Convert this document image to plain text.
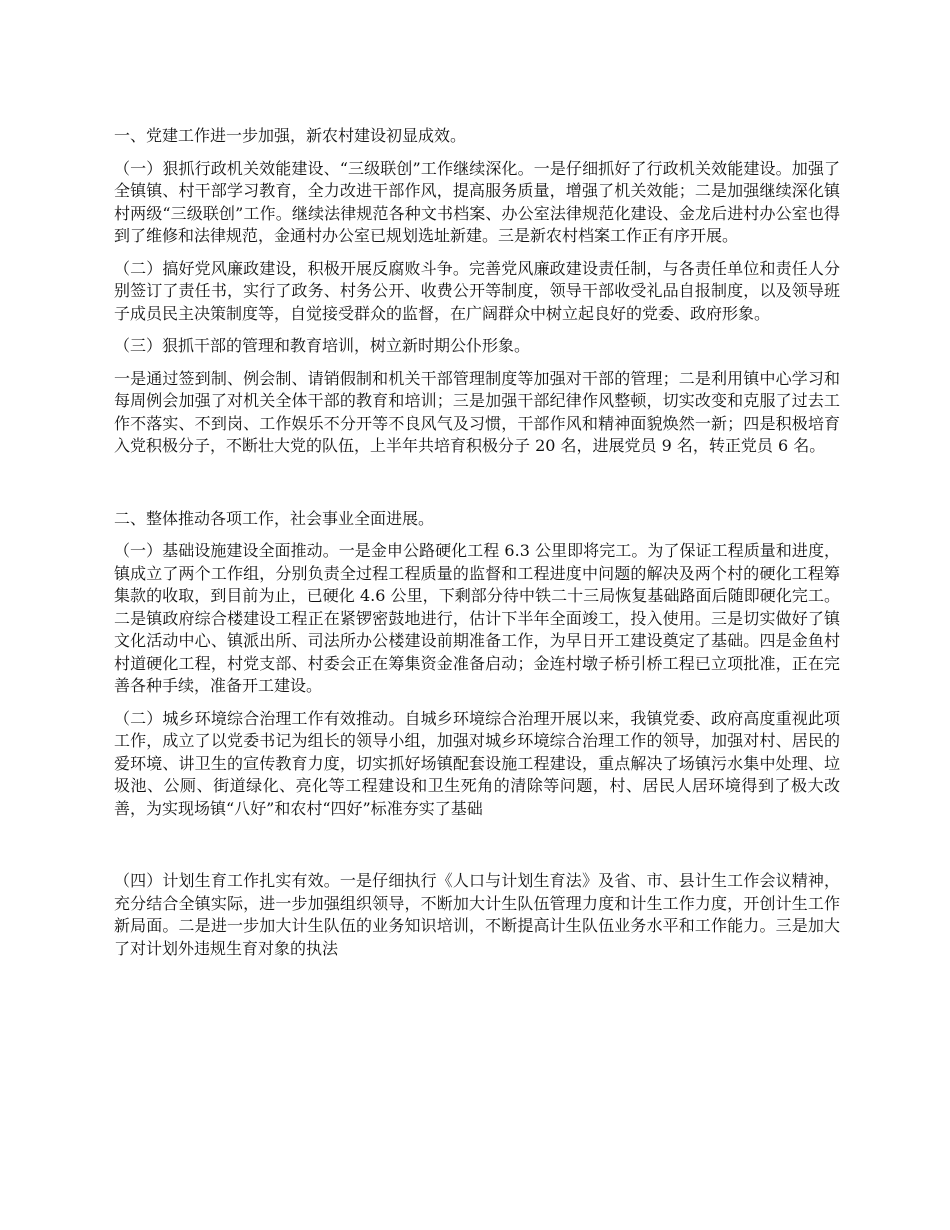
一、党建工作进一步加强，新农村建设初显成效。

（一）狠抓行政机关效能建设、“三级联创”工作继续深化。一是仔细抓好了行政机关效能建设。加强了全镇镇、村干部学习教育，全力改进干部作风，提高服务质量，增强了机关效能；二是加强继续深化镇村两级“三级联创”工作。继续法律规范各种文书档案、办公室法律规范化建设、金龙后进村办公室也得到了维修和法律规范，金通村办公室已规划选址新建。三是新农村档案工作正有序开展。

（二）搞好党风廉政建设，积极开展反腐败斗争。完善党风廉政建设责任制，与各责任单位和责任人分别签订了责任书，实行了政务、村务公开、收费公开等制度，领导干部收受礼品自报制度，以及领导班子成员民主决策制度等，自觉接受群众的监督，在广阔群众中树立起良好的党委、政府形象。

（三）狠抓干部的管理和教育培训，树立新时期公仆形象。

一是通过签到制、例会制、请销假制和机关干部管理制度等加强对干部的管理；二是利用镇中心学习和每周例会加强了对机关全体干部的教育和培训；三是加强干部纪律作风整顿，切实改变和克服了过去工作不落实、不到岗、工作娱乐不分开等不良风气及习惯，干部作风和精神面貌焕然一新；四是积极培育入党积极分子，不断壮大党的队伍，上半年共培育积极分子 20 名，进展党员 9 名，转正党员 6 名。

二、整体推动各项工作，社会事业全面进展。

（一）基础设施建设全面推动。一是金申公路硬化工程 6.3 公里即将完工。为了保证工程质量和进度，镇成立了两个工作组，分别负责全过程工程质量的监督和工程进度中问题的解决及两个村的硬化工程筹集款的收取，到目前为止，已硬化 4.6 公里，下剩部分待中铁二十三局恢复基础路面后随即硬化完工。二是镇政府综合楼建设工程正在紧锣密鼓地进行，估计下半年全面竣工，投入使用。三是切实做好了镇文化活动中心、镇派出所、司法所办公楼建设前期准备工作，为早日开工建设奠定了基础。四是金鱼村村道硬化工程，村党支部、村委会正在筹集资金准备启动；金连村墩子桥引桥工程已立项批准，正在完善各种手续，准备开工建设。

（二）城乡环境综合治理工作有效推动。自城乡环境综合治理开展以来，我镇党委、政府高度重视此项工作，成立了以党委书记为组长的领导小组，加强对城乡环境综合治理工作的领导，加强对村、居民的爱环境、讲卫生的宣传教育力度，切实抓好场镇配套设施工程建设，重点解决了场镇污水集中处理、垃圾池、公厕、街道绿化、亮化等工程建设和卫生死角的清除等问题，村、居民人居环境得到了极大改善，为实现场镇“八好”和农村“四好”标准夯实了基础

（四）计划生育工作扎实有效。一是仔细执行《人口与计划生育法》及省、市、县计生工作会议精神，充分结合全镇实际，进一步加强组织领导，不断加大计生队伍管理力度和计生工作力度，开创计生工作新局面。二是进一步加大计生队伍的业务知识培训，不断提高计生队伍业务水平和工作能力。三是加大了对计划外违规生育对象的执法
